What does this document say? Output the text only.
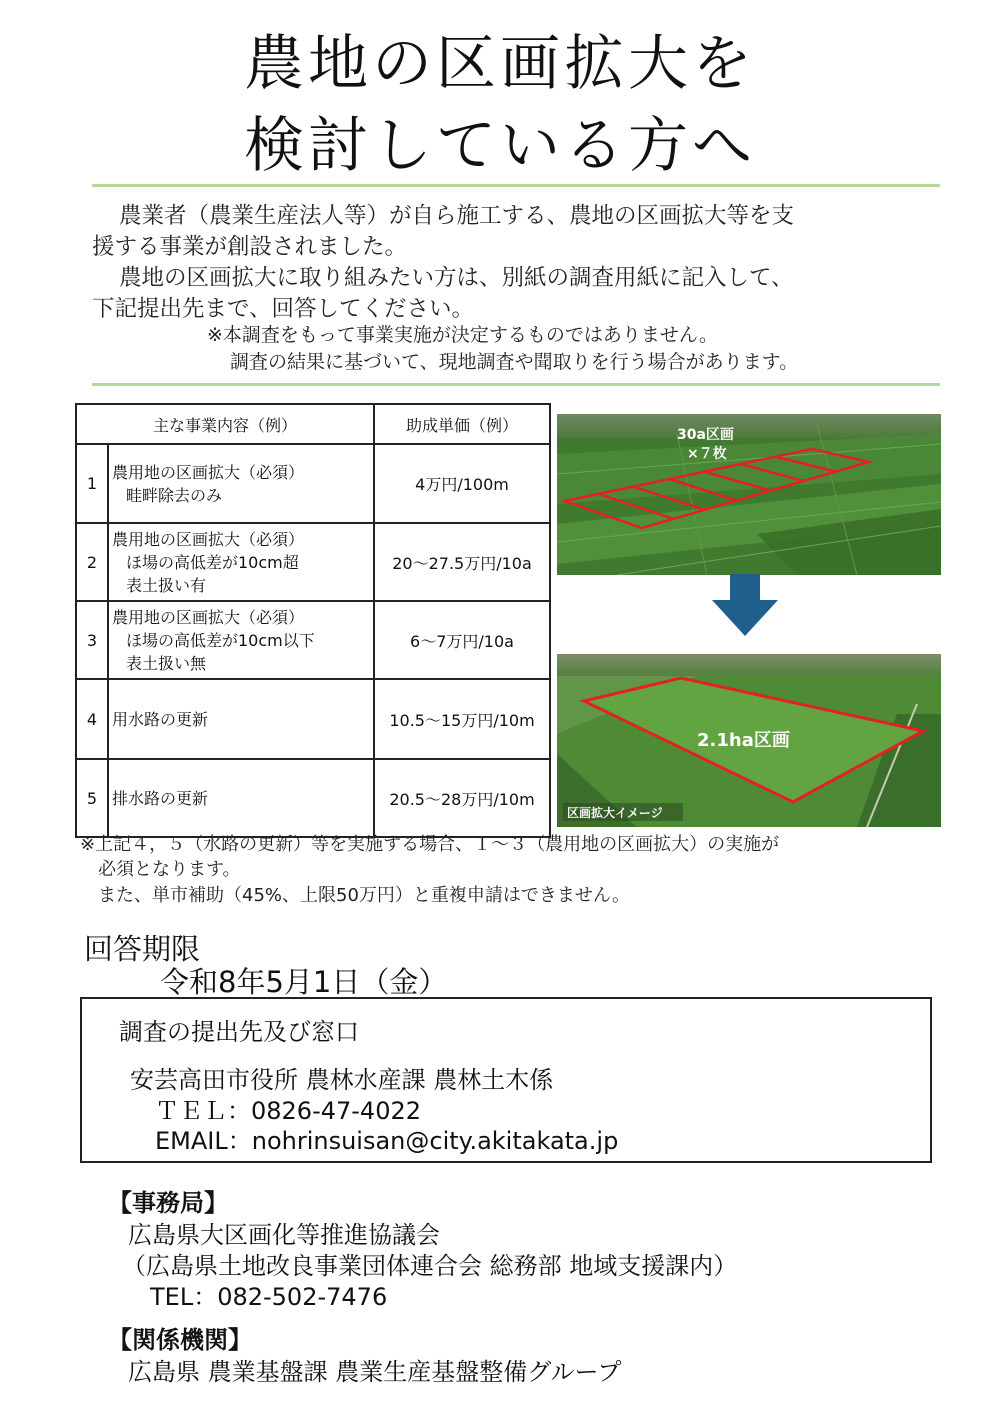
農地の区画拡大を
検討している方へ
農業者（農業生産法人等）が自ら施工する、農地の区画拡大等を支
援する事業が創設されました。
農地の区画拡大に取り組みたい方は、別紙の調査用紙に記入して、
下記提出先まで、回答してください。
※本調査をもって事業実施が決定するものではありません。
調査の結果に基づいて、現地調査や聞取りを行う場合があります。
主な事業内容（例）		助成単価（例）
1	農用地の区画拡大（必須）
畦畔除去のみ	4万円/100m
2	農用地の区画拡大（必須）
ほ場の高低差が10cm超
表土扱い有	20～27.5万円/10a
3	農用地の区画拡大（必須）
ほ場の高低差が10cm以下
表土扱い無	6～7万円/10a
4	用水路の更新	10.5～15万円/10m
5	排水路の更新	20.5～28万円/10m
30a区画
×７枚
2.1ha区画
区画拡大イメージ
※上記４，５（水路の更新）等を実施する場合、１～３（農用地の区画拡大）の実施が
必須となります。
また、単市補助（45%、上限50万円）と重複申請はできません。
回答期限
令和8年5月1日（金）
調査の提出先及び窓口
安芸高田市役所 農林水産課 農林土木係
ＴＥＬ：0826-47-4022
EMAIL：nohrinsuisan@city.akitakata.jp
【事務局】
広島県大区画化等推進協議会
（広島県土地改良事業団体連合会 総務部 地域支援課内）
TEL：082-502-7476
【関係機関】
広島県 農業基盤課 農業生産基盤整備グループ
